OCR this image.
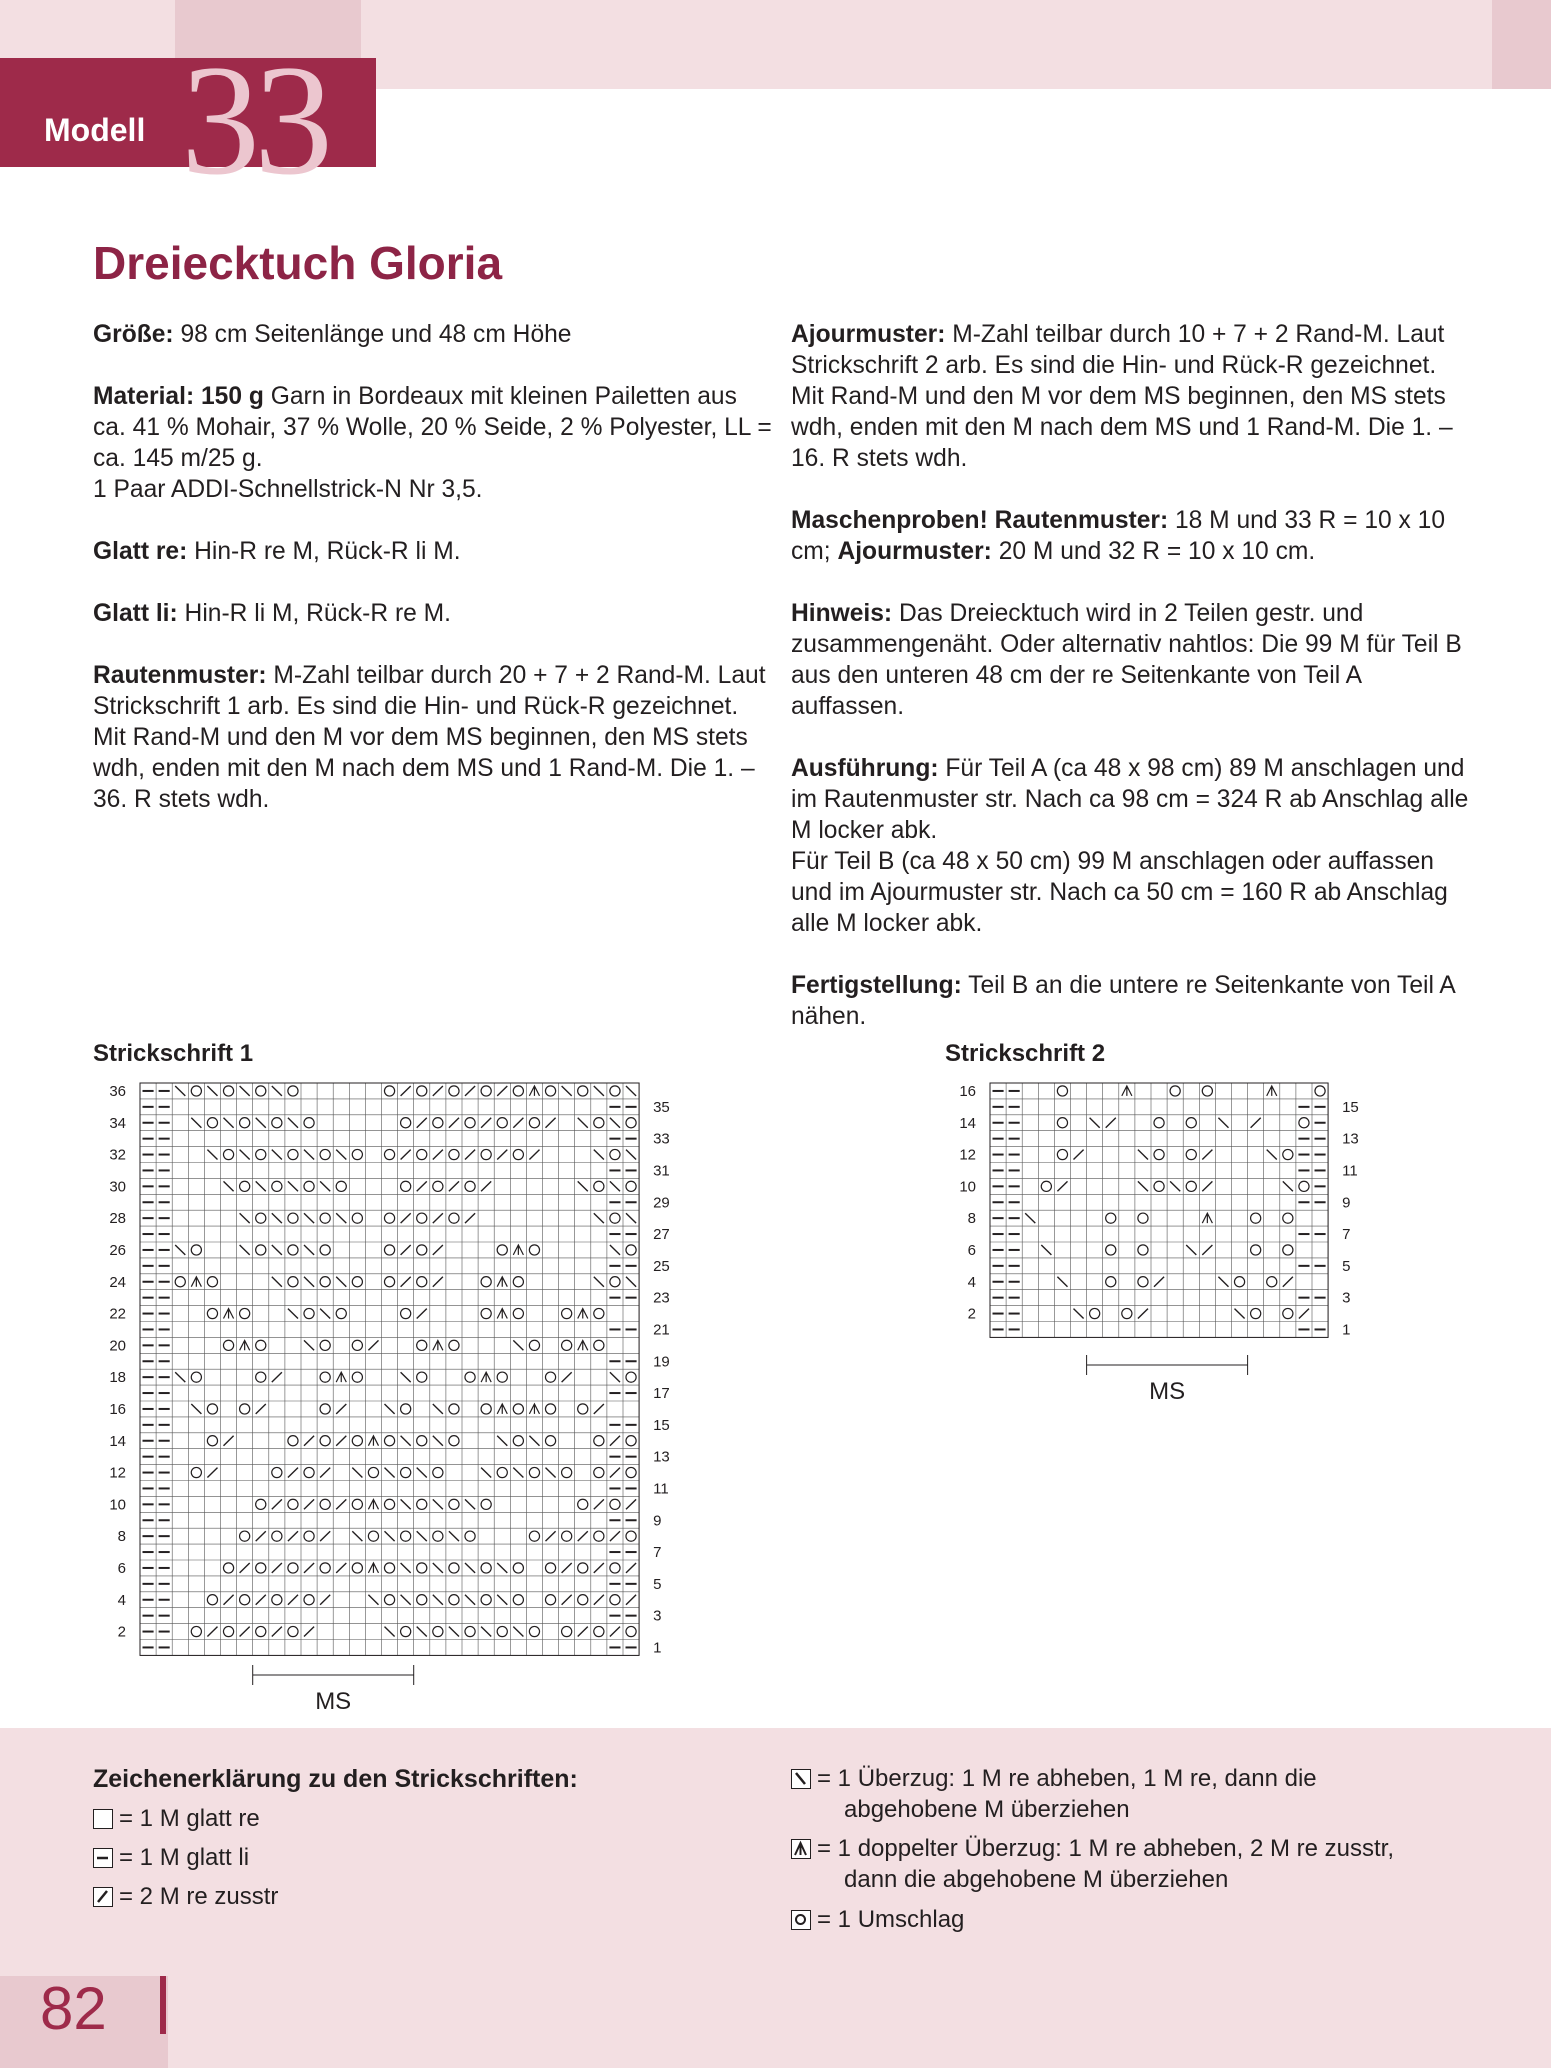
33
Modell
Dreiecktuch Gloria

Größe: 98 cm Seitenlänge und 48 cm Höhe

Material: 150 g Garn in Bordeaux mit kleinen Pailetten aus ca. 41 % Mohair, 37 % Wolle, 20 % Seide, 2 % Polyester, LL = ca. 145 m/25 g.
1 Paar ADDI-Schnellstrick-N Nr 3,5.

Glatt re: Hin-R re M, Rück-R li M.

Glatt li: Hin-R li M, Rück-R re M.

Rautenmuster: M-Zahl teilbar durch 20 + 7 + 2 Rand-M. Laut Strickschrift 1 arb. Es sind die Hin- und Rück-R gezeichnet. Mit Rand-M und den M vor dem MS beginnen, den MS stets wdh, enden mit den M nach dem MS und 1 Rand-M. Die 1. – 36. R stets wdh.

Ajourmuster: M-Zahl teilbar durch 10 + 7 + 2 Rand-M. Laut Strickschrift 2 arb. Es sind die Hin- und Rück-R gezeichnet. Mit Rand-M und den M vor dem MS beginnen, den MS stets wdh, enden mit den M nach dem MS und 1 Rand-M. Die 1. – 16. R stets wdh.

Maschenproben! Rautenmuster: 18 M und 33 R = 10 x 10 cm; Ajourmuster: 20 M und 32 R = 10 x 10 cm.

Hinweis: Das Dreiecktuch wird in 2 Teilen gestr. und zusammengenäht. Oder alternativ nahtlos: Die 99 M für Teil B aus den unteren 48 cm der re Seitenkante von Teil A auffassen.

Ausführung: Für Teil A (ca 48 x 98 cm) 89 M anschlagen und im Rautenmuster str. Nach ca 98 cm = 324 R ab Anschlag alle M locker abk.
Für Teil B (ca 48 x 50 cm) 99 M anschlagen oder auffassen und im Ajourmuster str. Nach ca 50 cm = 160 R ab Anschlag alle M locker abk.

Fertigstellung: Teil B an die untere re Seitenkante von Teil A nähen.

Strickschrift 1	Strickschrift 2
36
34
32
30
28
26
24
22
20
18
16
14
12
10
8
6
4
2
35
33
31
29
27
25
23
21
19
17
15
13
11
9
7
5
3
1
MS
16
14
12
10
8
6
4
2
15
13
11
9
7
5
3
1
MS
Zeichenerklärung zu den Strickschriften:
= 1 M glatt re
= 1 M glatt li
= 2 M re zusstr
= 1 Überzug: 1 M re abheben, 1 M re, dann die
abgehobene M überziehen
= 1 doppelter Überzug: 1 M re abheben, 2 M re zusstr,
dann die abgehobene M überziehen
= 1 Umschlag
82
